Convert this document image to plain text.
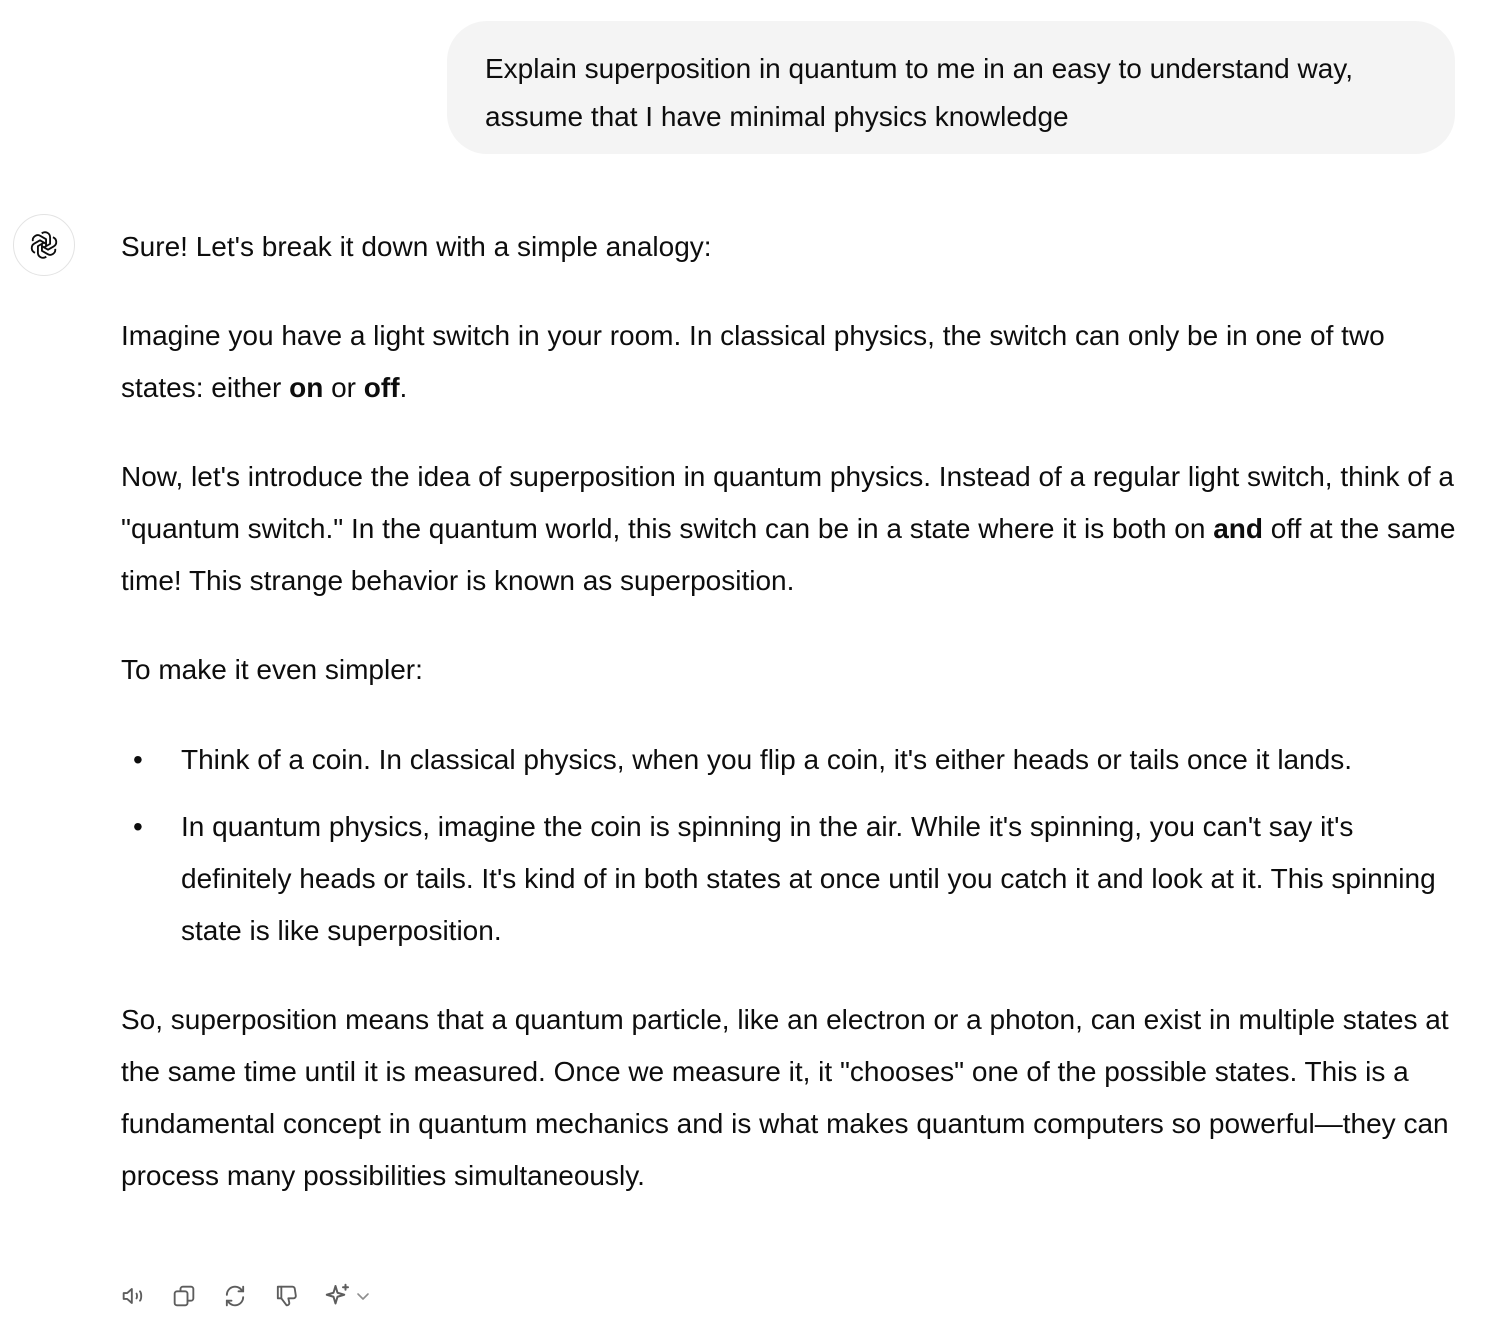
Explain superposition in quantum to me in an easy to understand way, assume that I have minimal physics knowledge

Sure! Let's break it down with a simple analogy:

Imagine you have a light switch in your room. In classical physics, the switch can only be in one of two states: either on or off.

Now, let's introduce the idea of superposition in quantum physics. Instead of a regular light switch, think of a "quantum switch." In the quantum world, this switch can be in a state where it is both on and off at the same time! This strange behavior is known as superposition.

To make it even simpler:

• Think of a coin. In classical physics, when you flip a coin, it's either heads or tails once it lands.
• In quantum physics, imagine the coin is spinning in the air. While it's spinning, you can't say it's definitely heads or tails. It's kind of in both states at once until you catch it and look at it. This spinning state is like superposition.

So, superposition means that a quantum particle, like an electron or a photon, can exist in multiple states at the same time until it is measured. Once we measure it, it "chooses" one of the possible states. This is a fundamental concept in quantum mechanics and is what makes quantum computers so powerful—they can process many possibilities simultaneously.
